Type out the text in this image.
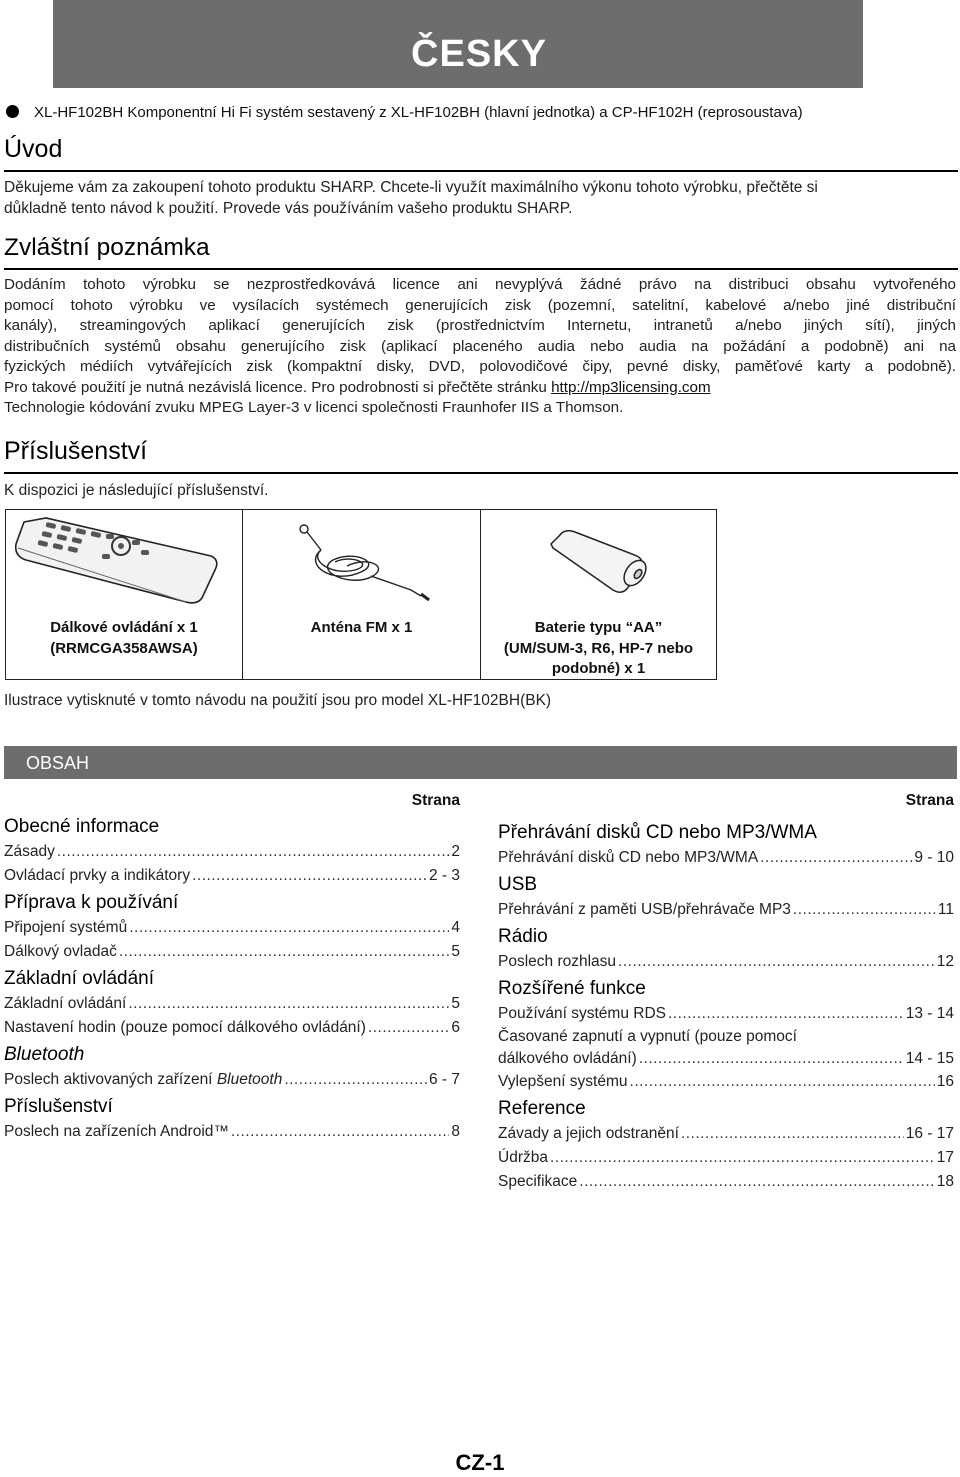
ČESKY
XL-HF102BH Komponentní Hi Fi systém sestavený z XL-HF102BH (hlavní jednotka) a CP-HF102H (reprosoustava)
Úvod
Děkujeme vám za zakoupení tohoto produktu SHARP. Chcete-li využít maximálního výkonu tohoto výrobku, přečtěte si
důkladně tento návod k použití. Provede vás používáním vašeho produktu SHARP.
Zvláštní poznámka
Dodáním tohoto výrobku se nezprostředkovává licence ani nevyplývá žádné právo na distribuci obsahu vytvořeného
pomocí tohoto výrobku ve vysílacích systémech generujících zisk (pozemní, satelitní, kabelové a/nebo jiné distribuční
kanály), streamingových aplikací generujících zisk (prostřednictvím Internetu, intranetů a/nebo jiných sítí), jiných
distribučních systémů obsahu generujícího zisk (aplikací placeného audia nebo audia na požádání a podobně) ani na
fyzických médiích vytvářejících zisk (kompaktní disky, DVD, polovodičové čipy, pevné disky, paměťové karty a podobně).
Pro takové použití je nutná nezávislá licence. Pro podrobnosti si přečtěte stránku http://mp3licensing.com
Technologie kódování zvuku MPEG Layer-3 v licenci společnosti Fraunhofer IIS a Thomson.
Příslušenství
K dispozici je následující příslušenství.
Dálkové ovládání x 1
(RRMCGA358AWSA)
Anténa FM x 1	Baterie typu “AA”
(UM/SUM-3, R6, HP-7 nebo
podobné) x 1
Ilustrace vytisknuté v tomto návodu na použití jsou pro model XL-HF102BH(BK)
OBSAH
Strana
Obecné informace
Zásady .....	2
Ovládací prvky a indikátory .....	2 - 3
Příprava k používání
Připojení systémů .....	4
Dálkový ovladač .....	5
Základní ovládání
Základní ovládání .....	5
Nastavení hodin (pouze pomocí dálkového ovládání) .....	6
Bluetooth
Poslech aktivovaných zařízení Bluetooth .....	6 - 7
Příslušenství
Poslech na zařízeních Android™ .....	8
Strana
Přehrávání disků CD nebo MP3/WMA
Přehrávání disků CD nebo MP3/WMA .....	9 - 10
USB
Přehrávání z paměti USB/přehrávače MP3 .....	11
Rádio
Poslech rozhlasu .....	12
Rozšířené funkce
Používání systému RDS .....	13 - 14
Časované zapnutí a vypnutí (pouze pomocí
dálkového ovládání) .....	14 - 15
Vylepšení systému .....	16
Reference
Závady a jejich odstranění .....	16 - 17
Údržba .....	17
Specifikace .....	18
CZ-1
